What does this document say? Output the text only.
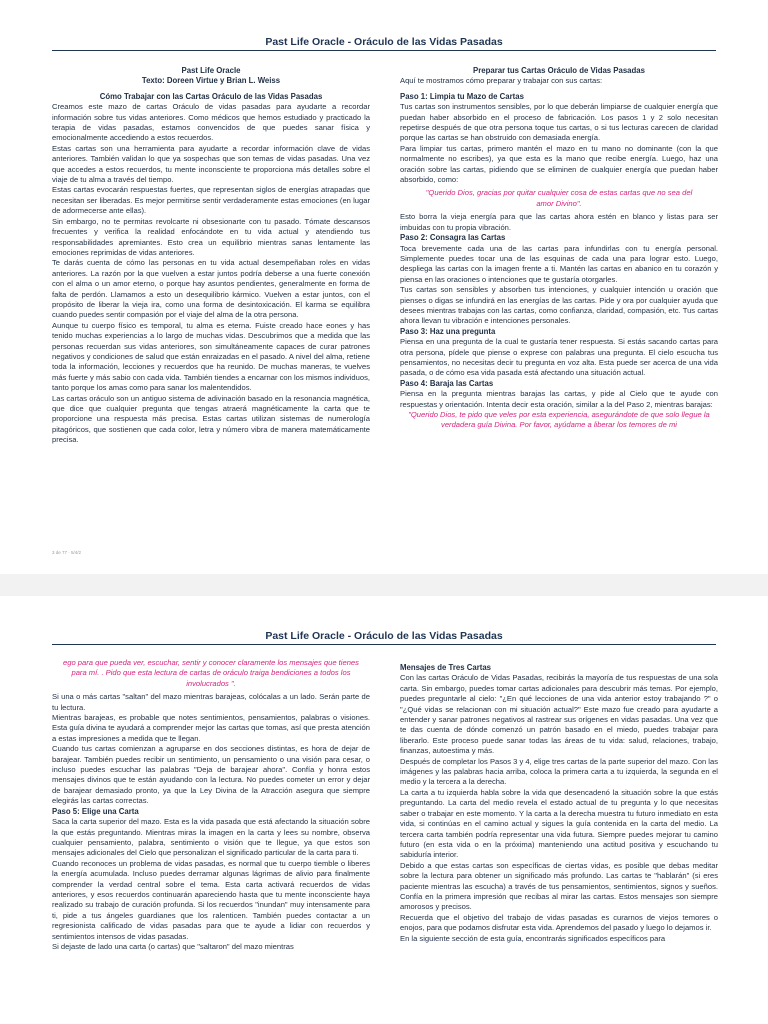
Past Life Oracle - Oráculo de las Vidas Pasadas

Past Life Oracle

Texto: Doreen Virtue y Brian L. Weiss

Cómo Trabajar con las Cartas Oráculo de las Vidas Pasadas

Creamos este mazo de cartas Oráculo de vidas pasadas para ayudarte a recordar información sobre tus vidas anteriores. Como médicos que hemos estudiado y practicado la terapia de vidas pasadas, estamos convencidos de que puedes sanar física y emocionalmente accediendo a estos recuerdos.

Estas cartas son una herramienta para ayudarte a recordar información clave de vidas anteriores. También validan lo que ya sospechas que son temas de vidas pasadas. Una vez que accedes a estos recuerdos, tu mente inconsciente te proporciona más detalles sobre el viaje de tu alma a través del tiempo.

Estas cartas evocarán respuestas fuertes, que representan siglos de energías atrapadas que necesitan ser liberadas. Es mejor permitirse sentir verdaderamente estas emociones (en lugar de adormecerse ante ellas).

Sin embargo, no te permitas revolcarte ni obsesionarte con tu pasado. Tómate descansos frecuentes y verifica la realidad enfocándote en tu vida actual y atendiendo tus responsabilidades apremiantes. Esto crea un equilibrio mientras sanas lentamente las emociones reprimidas de vidas anteriores.

Te darás cuenta de cómo las personas en tu vida actual desempeñaban roles en vidas anteriores. La razón por la que vuelven a estar juntos podría deberse a una fuerte conexión con el alma o un amor eterno, o porque hay asuntos pendientes, generalmente en forma de falta de perdón. Llamamos a esto un desequilibrio kármico. Vuelven a estar juntos, con el propósito de liberar la vieja ira, como una forma de desintoxicación. El karma se equilibra cuando puedes sentir compasión por el viaje del alma de la otra persona.

Aunque tu cuerpo físico es temporal, tu alma es eterna. Fuiste creado hace eones y has tenido muchas experiencias a lo largo de muchas vidas. Descubrimos que a medida que las personas recuerdan sus vidas anteriores, son simultáneamente capaces de curar patrones negativos y condiciones de salud que están enraizadas en el pasado. A nivel del alma, retiene toda la información, lecciones y recuerdos que ha reunido. De muchas maneras, te vuelves más fuerte y más sabio con cada vida. También tiendes a encarnar con los mismos individuos, tanto porque los amas como para sanar los malentendidos.

Las cartas oráculo son un antiguo sistema de adivinación basado en la resonancia magnética, que dice que cualquier pregunta que tengas atraerá magnéticamente la carta que te proporcione una respuesta más precisa. Estas cartas utilizan sistemas de numerología pitagóricos, que sostienen que cada color, letra y número vibra de manera matemáticamente precisa.

Preparar tus Cartas Oráculo de Vidas Pasadas

Aquí te mostramos cómo preparar y trabajar con sus cartas:

Paso 1: Limpia tu Mazo de Cartas

Tus cartas son instrumentos sensibles, por lo que deberán limpiarse de cualquier energía que puedan haber absorbido en el proceso de fabricación. Los pasos 1 y 2 solo necesitan repetirse después de que otra persona toque tus cartas, o si tus lecturas carecen de claridad porque las cartas se han obstruido con demasiada energía.

Para limpiar tus cartas, primero mantén el mazo en tu mano no dominante (con la que normalmente no escribes), ya que esta es la mano que recibe energía. Luego, haz una oración sobre las cartas, pidiendo que se eliminen de cualquier energía que puedan haber absorbido, como:

"Querido Dios, gracias por quitar cualquier cosa de estas cartas que no sea del amor Divino".

Esto borra la vieja energía para que las cartas ahora estén en blanco y listas para ser imbuidas con tu propia vibración.

Paso 2: Consagra las Cartas

Toca brevemente cada una de las cartas para infundirlas con tu energía personal. Simplemente puedes tocar una de las esquinas de cada una para lograr esto. Luego, despliega las cartas con la imagen frente a ti. Mantén las cartas en abanico en tu corazón y piensa en las oraciones o intenciones que te gustaría otorgarles.

Tus cartas son sensibles y absorben tus intenciones, y cualquier intención u oración que pienses o digas se infundirá en las energías de las cartas. Pide y ora por cualquier ayuda que desees mientras trabajas con las cartas, como confianza, claridad, compasión, etc. Tus cartas ahora llevan tu vibración e intenciones personales.

Paso 3: Haz una pregunta

Piensa en una pregunta de la cual te gustaría tener respuesta. Si estás sacando cartas para otra persona, pídele que piense o exprese con palabras una pregunta. El cielo escucha tus pensamientos, no necesitas decir tu pregunta en voz alta. Esta puede ser acerca de una vida pasada, o de cómo esa vida pasada está afectando una situación actual.

Paso 4: Baraja las Cartas

Piensa en la pregunta mientras barajas las cartas, y pide al Cielo que te ayude con respuestas y orientación. Intenta decir esta oración, similar a la del Paso 2, mientras barajas:

"Querido Dios, te pido que veles por esta experiencia, asegurándote de que solo llegue la verdadera guía Divina. Por favor, ayúdame a liberar los temores de mi

3 de 77 · 5/4/2
Past Life Oracle - Oráculo de las Vidas Pasadas

ego para que pueda ver, escuchar, sentir y conocer claramente los mensajes que tienes para mí. . Pido que esta lectura de cartas de oráculo traiga bendiciones a todos los involucrados ".

Si una o más cartas "saltan" del mazo mientras barajeas, colócalas a un lado. Serán parte de tu lectura.

Mientras barajeas, es probable que notes sentimientos, pensamientos, palabras o visiones. Esta guía divina te ayudará a comprender mejor las cartas que tomas, así que presta atención a estas impresiones a medida que te llegan.

Cuando tus cartas comienzan a agruparse en dos secciones distintas, es hora de dejar de barajear. También puedes recibir un sentimiento, un pensamiento o una visión para cesar, o incluso puedes escuchar las palabras "Deja de barajear ahora". Confía y honra estos mensajes divinos que te están ayudando con la lectura. No puedes cometer un error y dejar de barajear demasiado pronto, ya que la Ley Divina de la Atracción asegura que siempre elegirás las cartas correctas.

Paso 5: Elige una Carta

Saca la carta superior del mazo. Esta es la vida pasada que está afectando la situación sobre la que estás preguntando. Mientras miras la imagen en la carta y lees su nombre, observa cualquier pensamiento, palabra, sentimiento o visión que te llegue, ya que estos son mensajes adicionales del Cielo que personalizan el significado particular de la carta para ti.

Cuando reconoces un problema de vidas pasadas, es normal que tu cuerpo tiemble o liberes la energía acumulada. Incluso puedes derramar algunas lágrimas de alivio para finalmente comprender la verdad central sobre el tema. Esta carta activará recuerdos de vidas anteriores, y esos recuerdos continuarán apareciendo hasta que tu mente inconsciente haya realizado su trabajo de curación profunda. Si los recuerdos "inundan" muy intensamente para ti, pide a tus ángeles guardianes que los ralenticen. También puedes contactar a un regresionista calificado de vidas pasadas para que te ayude a lidiar con recuerdos y sentimientos intensos de vidas pasadas.

Si dejaste de lado una carta (o cartas) que "saltaron" del mazo mientras

Mensajes de Tres Cartas

Con las cartas Oráculo de Vidas Pasadas, recibirás la mayoría de tus respuestas de una sola carta. Sin embargo, puedes tomar cartas adicionales para descubrir más temas. Por ejemplo, puedes preguntarle al cielo: "¿En qué lecciones de una vida anterior estoy trabajando ?" o "¿Qué vidas se relacionan con mi situación actual?" Este mazo fue creado para ayudarte a entender y sanar patrones negativos al rastrear sus orígenes en vidas pasadas. Una vez que te das cuenta de dónde comenzó un patrón basado en el miedo, puedes trabajar para liberarlo. Este proceso puede sanar todas las áreas de tu vida: salud, relaciones, trabajo, finanzas, autoestima y más.

Después de completar los Pasos 3 y 4, elige tres cartas de la parte superior del mazo. Con las imágenes y las palabras hacia arriba, coloca la primera carta a tu izquierda, la segunda en el medio y la tercera a la derecha.

La carta a tu izquierda habla sobre la vida que desencadenó la situación sobre la que estás preguntando. La carta del medio revela el estado actual de tu pregunta y lo que necesitas saber o trabajar en este momento. Y la carta a la derecha muestra tu futuro inmediato en esta vida, si continúas en el camino actual y sigues la guía contenida en la carta del medio. La tercera carta también podría representar una vida futura. Siempre puedes mejorar tu camino futuro (en esta vida o en la próxima) manteniendo una actitud positiva y escuchando tu sabiduría interior.

Debido a que estas cartas son específicas de ciertas vidas, es posible que debas meditar sobre la lectura para obtener un significado más profundo. Las cartas te "hablarán" (si eres paciente mientras las escucha) a través de tus pensamientos, sentimientos, signos y sueños. Confía en la primera impresión que recibas al mirar las cartas. Estos mensajes son siempre amorosos y precisos.

Recuerda que el objetivo del trabajo de vidas pasadas es curarnos de viejos temores o enojos, para que podamos disfrutar esta vida. Aprendemos del pasado y luego lo dejamos ir.

En la siguiente sección de esta guía, encontrarás significados específicos para
